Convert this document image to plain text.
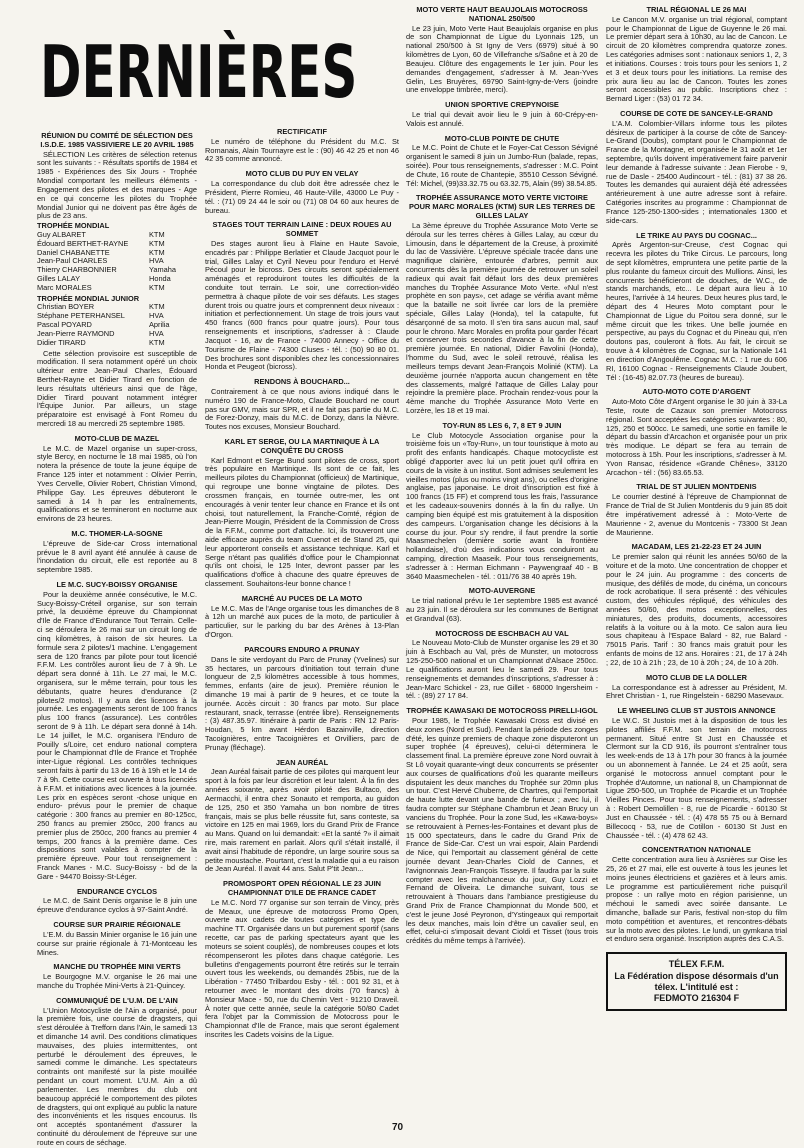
DERNIÈRES
RÉUNION DU COMITÉ DE SÉLECTION DES I.S.D.E. 1985 VASSIVIERE LE 20 AVRIL 1985
SÉLECTION Les critères de sélection retenus sont les suivants : - Résultats sportifs de 1984 et 1985 - Expériences des Six Jours - Trophée Mondial comportant les meilleurs éléments - Engagement des pilotes et des marques - Age en ce qui concerne les pilotes du Trophée Mondial Junior qui ne doivent pas être âgés de plus de 23 ans.
TROPHÉE MONDIAL
Guy ALBARET	KTM
Édouard BERTHET-RAYNE	KTM
Daniel CHABANETTE	KTM
Jean-Paul CHARLES	HVA
Thierry CHARBONNIER	Yamaha
Gilles LALAY	Honda
Marc MORALES	KTM
TROPHÉE MONDIAL JUNIOR
Christian BOYER	KTM
Stéphane PETERHANSEL	HVA
Pascal POYARD	Aprilia
Jean-Pierre RAYMOND	HVA
Didier TIRARD	KTM
Cette sélection provisoire est susceptible de modification. Il sera notamment opéré un choix ultérieur entre Jean-Paul Charles, Édouard Berthet-Rayne et Didier Tirard en fonction de leurs résultats ultérieurs ainsi que de l'âge, Didier Tirard pouvant notamment intégrer l'Équipe Junior. Par ailleurs, un stage préparatoire est envisagé à Font Romeu du mercredi 18 au mercredi 25 septembre 1985.
MOTO-CLUB DE MAZEL
Le M.C. de Mazel organise un super-cross, style Bercy, en nocturne le 18 mai 1985, où l'on notera la présence de toute la jeune équipe de France 125 inter et notamment : Olivier Perrin, Yves Cervelle, Olivier Robert, Christian Vimond, Philippe Gay. Les épreuves débuteront le samedi à 14 h par les entraînements, qualifications et se termineront en nocturne aux environs de 23 heures.
M.C. THOMER-LA-SOGNE
L'épreuve de Side-car Cross international prévue le 8 avril ayant été annulée à cause de l'inondation du circuit, elle est reportée au 8 septembre 1985.
LE M.C. SUCY-BOISSY ORGANISE
Pour la deuxième année consécutive, le M.C. Sucy-Boissy-Créteil organise, sur son terrain privé, la deuxième épreuve du Championnat d'Ile de France d'Endurance Tout Terrain. Celle-ci se déroulera le 26 mai sur un circuit long de cinq kilomètres, à raison de six heures. La formule sera 2 pilotes/1 machine. L'engagement sera de 120 francs par pilote pour tout licencié F.F.M. Les contrôles auront lieu de 7 à 9h. Le départ sera donné à 11h. Le 27 mai, le M.C. organisera, sur le même terrain, pour tous les débutants, quatre heures d'endurance (2 pilotes/2 motos). Il y aura des licences à la journée. Les engagements seront de 100 francs plus 100 francs (assurance). Les contrôles seront de 9 à 11h. Le départ sera donné à 14h. Le 14 juillet, le M.C. organisera l'Enduro de Pouilly s/Loire, cet enduro national comptera pour le Championnat d'Ile de France et Trophée inter-Ligue régional. Les contrôles techniques seront faits à partir du 13 de 16 à 19h et le 14 de 7 à 9h. Cette course est ouverte à tous licenciés à F.F.M. et initiations avec licences à la journée. Les prix en espèces seront -chose unique en enduro- prévus pour le premier de chaque catégorie : 300 francs au premier en 80-125cc, 250 francs au premier 250cc, 200 francs au premier plus de 250cc, 200 francs au premier 4 temps, 200 francs à la première dame. Ces dispositions sont valables à compter de la première épreuve. Pour tout renseignement : Franck Manes - M.C. Sucy-Boissy - bd de la Gare - 94470 Boissy-St-Léger.
ENDURANCE CYCLOS
Le M.C. de Saint Denis organise le 8 juin une épreuve d'endurance cyclos à 97-Saint André.
COURSE SUR PRAIRIE RÉGIONALE
L'E.M. du Bassin Minier organise le 16 juin une course sur prairie régionale à 71-Montceau les Mines.
MANCHE DU TROPHÉE MINI VERTS
Le Bourgogne M.V. organise le 26 mai une manche du Trophée Mini-Verts à 21-Quincey.
COMMUNIQUÉ DE L'U.M. DE L'AIN
L'Union Motocycliste de l'Ain a organisé, pour la première fois, une course de dragsters, qui s'est déroulée à Trefforn dans l'Ain, le samedi 13 et dimanche 14 avril. Des conditions climatiques mauvaises, des pluies intermittentes, ont perturbé le déroulement des épreuves, le samedi comme le dimanche. Les spectateurs contraints ont manifesté sur la piste mouillée pendant un court moment. L'U.M. Ain a dû parlementer. Les membres du club ont beaucoup apprécié le comportement des pilotes de dragsters, qui ont expliqué au public la nature des inconvénients et les risques encourus. Ils ont acceptés spontanément d'assurer la continuité du déroulement de l'épreuve sur une route en cours de séchage.
RECTIFICATIF
Le numéro de téléphone du Président du M.C. St Romanais, Alain Tournayre est le : (90) 46 42 25 et non 46 42 35 comme annoncé.
MOTO CLUB DU PUY EN VELAY
La correspondance du club doit être adressée chez le Président, Pierre Romieu, 46 Haute-Ville, 43000 Le Puy - tél. : (71) 09 24 44 le soir ou (71) 08 04 60 aux heures de bureau.
STAGES TOUT TERRAIN LAINE : DEUX ROUES AU SOMMET
Des stages auront lieu à Flaine en Haute Savoie, encadrés par : Philippe Berlatier et Claude Jacquot pour le trial, Gilles Lalay et Cyril Neveu pour l'enduro et Hervé Pécoul pour le bicross. Des circuits seront spécialement aménagés et reproduiront toutes les difficultés de la conduite tout terrain. Le soir, une correction-vidéo permettra à chaque pilote de voir ses défauts. Les stages durent trois ou quatre jours et comprennent deux niveaux : initiation et perfectionnement. Un stage de trois jours vaut 450 francs (600 francs pour quatre jours). Pour tous renseignements et inscriptions, s'adresser à : Claude Jacquot - 16, av de France - 74000 Annecy - Office du Tourisme de Flaine - 74300 Cluses - tél. : (50) 90 80 01. Des brochures sont disponibles chez les concessionnaires Honda et Peugeot (bicross).
RENDONS À BOUCHARD...
Contrairement à ce que nous avions indiqué dans le numéro 190 de France-Moto, Claude Bouchard ne court pas sur GMV, mais sur SPR, et il ne fait pas partie du M.C. de Forez-Donzy, mais du M.C. de Donzy, dans la Nièvre. Toutes nos excuses, Monsieur Bouchard.
KARL ET SERGE, OU LA MARTINIQUE À LA CONQUÊTE DU CROSS
Karl Edmont et Serge Bund sont pilotes de cross, sport très populaire en Martinique. Ils sont de ce fait, les meilleurs pilotes du Championnat (officieux) de Martinique, qui regroupe une bonne vingtaine de pilotes. Des crossmen français, en tournée outre-mer, les ont encouragés à venir tenter leur chance en France et ils ont choisi, tout naturellement, la Franche-Comté, région de Jean-Pierre Mougin, Président de la Commission de Cross de la F.F.M., comme port d'attache. Ici, ils trouveront une aide efficace auprès du team Cuenot et de Stand 25, qui leur apporteront conseils et assistance technique. Karl et Serge n'étant pas qualifiés d'office pour le Championnat qu'ils ont choisi, le 125 Inter, devront passer par les qualifications d'office à chacune des quatre épreuves de classement. Souhaitons-leur bonne chance !
MARCHÉ AU PUCES DE LA MOTO
Le M.C. Mas de l'Ange organise tous les dimanches de 8 à 12h un marché aux puces de la moto, de particulier à particulier, sur le parking du bar des Arènes à 13-Plan d'Orgon.
PARCOURS ENDURO A PRUNAY
Dans le site verdoyant du Parc de Prunay (Yvelines) sur 35 hectares, un parcours d'initiation tout terrain d'une longueur de 2,5 kilomètres accessible à tous hommes, femmes, enfants (aire de jeux). Première réunion le dimanche 19 mai à partir de 9 heures, et ce toute la journée. Accès circuit : 30 francs par moto. Sur place restaurant, snack, terrasse (entrée libre). Renseignements : (3) 487.35.97. Itinéraire à partir de Paris : RN 12 Paris-Houdan, 5 km avant Hérdon Bazainville, direction Tacoignières, entre Tacoignières et Orvilliers, parc de Prunay (fléchage).
JEAN AURÉAL
Jean Auréal faisait partie de ces pilotes qui marquent leur sport à la fois par leur discrétion et leur talent. À la fin des années soixante, après avoir piloté des Bultaco, des Aermacchi, il entra chez Sonauto et remporta, au guidon de 125, 250 et 350 Yamaha un bon nombre de titres français, mais se plus belle réussite fut, sans conteste, sa victoire en 125 en mai 1969, lors du Grand Prix de France au Mans. Quand on lui demandait: «Et la santé ?» il aimait rire, mais rarement en parlait. Alors qu'il s'était installé, il avait ainsi l'habitude de répondre, un large sourire sous sa petite moustache. Pourtant, c'est la maladie qui a eu raison de Jean Auréal. Il avait 44 ans. Salut P'tit Jean...
PROMOSPORT OPEN RÉGIONAL LE 23 JUIN CHAMPIONNAT D'ILE DE FRANCE CADET
Le M.C. Nord 77 organise sur son terrain de Vincy, près de Meaux, une épreuve de motocross Promo Open, ouverte aux cadets de toutes catégories et type de machine TT. Organisée dans un but purement sportif (sans recette, car pas de parking spectateurs ayant que les moteurs se soient couplés), de nombreuses coupes et lots récompenseront les pilotes dans chaque catégorie. Les bulletins d'engagements pourront être retirés sur le terrain ouvert tous les weekends, ou demandés 25bis, rue de la Libération - 77450 Trilbardou Esby - tél. : 001 92 31, et à retourner avec le montant des droits (70 francs) à Monsieur Mace - 50, rue du Chemin Vert - 91210 Draveil. À noter que cette année, seule la catégorie 50/80 Cadet fera l'objet par la Commission de Motocross pour le Championnat d'Ile de France, mais que seront également inscrites les Cadets voisins de la Ligue.
MOTO VERTE HAUT BEAUJOLAIS MOTOCROSS NATIONAL 250/500
Le 23 juin, Moto Verte Haut Beaujolais organise en plus de son Championnat de Ligue du Lyonnais 125, un national 250/500 à St Igny de Vers (6979) situé à 90 kilomètres de Lyon, 60 de Villefranche s/Saône et à 20 de Beaujeu. Clôture des engagements le 1er juin. Pour les demandes d'engagement, s'adresser à M. Jean-Yves Gelin, Les Bruyères, 69790 Saint-Igny-de-Vers (joindre une enveloppe timbrée, merci).
UNION SPORTIVE CREPYNOISE
Le trial qui devait avoir lieu le 9 juin à 60-Crépy-en-Valois est annulé.
MOTO-CLUB POINTE DE CHUTE
Le M.C. Point de Chute et le Foyer-Cat Cesson Sévigné organisent le samedi 8 juin un Jumbo-Run (balade, repas, soirée). Pour tous renseignements, s'adresser : M.C. Point de Chute, 16 route de Chantepie, 35510 Cesson Sévigné. Tél: Michel, (99)33.32.75 ou 63.32.75, Alain (99) 38.54.85.
TROPHÉE ASSURANCE MOTO VERTE VICTOIRE POUR MARC MORALES (KTM) SUR LES TERRES DE GILLES LALAY
La 3ème épreuve du Trophée Assurance Moto Verte se déroula sur les terres chères à Gilles Lalay, au cœur du Limousin, dans le département de la Creuse, à proximité du lac de Vassivière. L'épreuve spéciale tracée dans une magnifique clairière, entourée d'arbres, permit aux concurrents dès la première journée de retrouver un soleil radieux qui avait fait défaut lors des deux premières manches du Trophée Assurance Moto Verte. «Nul n'est prophète en son pays», cet adage se vérifia avant même que la bataille ne soit livrée car lors de la première spéciale, Gilles Lalay (Honda), tel la catapulte, fut désarçonné de sa moto. Il s'en tira sans aucun mal, sauf pour le chrono. Marc Morales en profita pour garder l'écart et conserver trois secondes d'avance à la fin de cette première journée. En national, Didier Favolini (Honda), l'homme du Sud, avec le soleil retrouvé, réalisa les meilleurs temps devant Jean-François Molinié (KTM). La deuxième journée n'apporta aucun changement en tête des classements, malgré l'attaque de Gilles Lalay pour rejoindre la première place. Prochain rendez-vous pour la 4ème manche du Trophée Assurance Moto Verte en Lorzère, les 18 et 19 mai.
TOY-RUN 85 LES 6, 7, 8 ET 9 JUIN
Le Club Motocycle Association organise pour la troisième fois un «Toy-Run», un tour touristique à moto au profit des enfants handicapés. Chaque motocycliste est obligé d'apporter avec lui un petit jouet qu'il offrira en cours de la visite à un institut. Sont admises seulement les vieilles motos (plus ou moins vingt ans), ou celles d'origine anglaise, pas japonaise. Le droit d'inscription est fixé à 100 francs (15 FF) et comprend tous les frais, l'assurance et les cadeaux-souvenirs donnés à la fin du rallye. Un camping bien équipé est mis gratuitement à la disposition des campeurs. L'organisation change les décisions à la course du jour. Pour s'y rendre, il faut prendre la sortie Maasmechelen (dernière sortie avant la frontière hollandaise), d'où des indications vous conduiront au camping, direction Maaseik. Pour tous renseignements, s'adresser à : Herman Eichmann - Paywengraaf 40 - B 3640 Maasmechelen - tél. : 011/76 38 40 après 19h.
MOTO-AUVERGNE
Le trial national prévu le 1er septembre 1985 est avancé au 23 juin. Il se déroulera sur les communes de Bertignat et Grandval (63).
MOTOCROSS DE ESCHBACH AU VAL
Le Nouveau Moto-Club de Munster organise les 29 et 30 juin à Eschbach au Val, près de Munster, un motocross 125-250-500 national et un Championnat d'Alsace 250cc. Le qualifications auront lieu le samedi 29. Pour tous renseignements et demandes d'inscriptions, s'adresser à : Jean-Marc Schickel - 23, rue Gillet - 68000 Ingersheim - tél. : (89) 27 17 84.
TROPHÉE KAWASAKI DE MOTOCROSS PIRELLI-IGOL
Pour 1985, le Trophée Kawasaki Cross est divisé en deux zones (Nord et Sud). Pendant la période des zonges d'été, les quinze premiers de chaque zone disputeront un super trophée (4 épreuves), celui-ci déterminera le classement final. La première épreuve zone Nord ouvrait à St Lô voyait quarante-vingt deux concurrents se présenter aux courses de qualifications d'où les quarante meilleurs disputaient les deux manches du Trophée sur 20mn plus un tour. C'est Hervé Chuberre, de Chartres, qui l'emportait de haute lutte devant une bande de furieux ; avec lui, il faudra compter sur Stéphane Chambrun et Jean Brucy un vanciens du Trophée. Pour la zone Sud, les «Kawa-boys» se retrouvaient à Pernes-les-Fontaines et devant plus de 15 000 spectateurs, dans le cadre du Grand Prix de France de Side-Car. C'est un vrai espoir, Alain Pardendi de Nice, qui l'emportait au classement général de cette journée devant Jean-Charles Ciold de Cannes, et l'avignonnais Jean-François Tisseyre. Il faudra par la suite compter avec les malchanceux du jour, Guy Lozzi et Fernand de Oliveira. Le dimanche suivant, tous se retrouvaient à Thouars dans l'ambiance prestigieuse du Grand Prix de France Championnat du Monde 500, et c'est le jeune José Peyronon, d'Ystingeaux qui remportait les deux manches, mais loin d'être un cavalier seul, en effet, celui-ci s'imposait devant Cioldi et Tisset (tous trois crédités du même temps à l'arrivée).
TRIAL RÉGIONAL LE 26 MAI
Le Cancon M.V. organise un trial régional, comptant pour le Championnat de Ligue de Guyenne le 26 mai. Le premier départ sera à 10h30, au lac de Cancon. Le circuit de 20 kilomètres comprendra quatorze zones. Les catégories admises sont : nationaux seniors 1, 2, 3 et initiations. Courses : trois tours pour les seniors 1, 2 et 3 et deux tours pour les initiations. La remise des prix aura lieu au lac de Cancon. Toutes les zones seront accessibles au public. Inscriptions chez : Bernard Liger : (53) 01 72 34.
COURSE DE COTE DE SANCEY-LE-GRAND
L'A.M. Colombier-Villars informe tous les pilotes désireux de participer à la course de côte de Sancey-Le-Grand (Doubs), comptant pour le Championnat de France de la Montagne, et organisée le 31 août et 1er septembre, qu'ils doivent impérativement faire parvenir leur demande à l'adresse suivante : Jean Fierobe - 9, rue de Dasle - 25400 Audincourt - tél. : (81) 37 38 26. Toutes les demandes qui auraient déjà été adressées antérieurement à une autre adresse sont à refaire. Catégories inscrites au programme : Championnat de France 125-250-1300-sides ; internationales 1300 et side-cars.
LE TRIKE AU PAYS DU COGNAC...
Après Argenton-sur-Creuse, c'est Cognac qui recevra les pilotes du Trike Circus. Le parcours, long de sept kilomètres, empruntera une petite partie de la plus roulante du fameux circuit des Mullions. Ainsi, les concurrents bénéficieront de douches, de W.C., de stands marchands, etc... Le départ aura lieu à 10 heures, l'arrivée à 14 heures. Deux heures plus tard, le départ des 4 Heures Moto comptant pour le Championnat de Ligue du Poitou sera donné, sur le même circuit que les trikes. Une belle journée en perspective, au pays du Cognac et du Pineau qui, n'en doutons pas, couleront à flots. Au fait, le circuit se trouve à 4 kilomètres de Cognac, sur la Nationale 141 en direction d'Angoulême. Cognac M.C. : 1 rue du 606 RI, 16100 Cognac - Renseignements Claude Joubert, Tél : (16-45) 82.07.73 (heures de bureau).
AUTO-MOTO COTE D'ARGENT
Auto-Moto Côte d'Argent organise le 30 juin à 33-La Teste, route de Cazaux son premier Motocross régional. Sont acceptées les catégories suivantes : 80, 125, 250 et 500cc. Le samedi, une sortie en famille le départ du bassin d'Arcachon et organisée pour un prix très modique. Le départ se fera au terrain de motocross à 15h. Pour les inscriptions, s'adresser à M. Yvon Ransac, résidence «Grande Chênes», 33120 Arcachon - tél : (56) 83.65.53.
TRIAL DE ST JULIEN MONTDENIS
Le courrier destiné à l'épreuve de Championnat de France de Trial de St Julien Montdenis du 9 juin 85 doit être impérativement adressé à : Moto-Verte de Maurienne - 2, avenue du Montcenis - 73300 St Jean de Maurienne.
MACADAM, LES 21-22-23 ET 24 JUIN
Le premier salon qui réunit les années 50/60 de la voiture et de la moto. Une concentration de chopper et pour le 24 juin. Au programme : des concerts de musique, des défilés de mode, du cinéma, un concours de rock acrobatique. Il sera présenté : des véhicules custom, des véhicules répliqué, des véhicules des années 50/60, des motos exceptionnelles, des miniatures, des produits, documents, accessoires relatifs à la voiture ou à la moto. Ce salon aura lieu sous chapiteau à l'Espace Balard - 82, rue Balard - 75015 Paris. Tarif : 30 francs mais gratuit pour les enfants de moins de 12 ans. Horaires : 21, de 17 à 24h ; 22, de 10 à 21h ; 23, de 10 à 20h ; 24, de 10 à 20h.
MOTO CLUB DE LA DOLLER
La correspondance est à adresser au Président, M. Ehret Christian - 1, rue Ringelstein - 68290 Masevaux.
LE WHEELING CLUB ST JUSTOIS ANNONCE
Le W.C. St Justois met à la disposition de tous les pilotes affiliés F.F.M. son terrain de motocross permanent. Situé entre St Just en Chaussée et Clermont sur la CD 916, ils pourront s'entraîner tous les week-ends de 13 à 17h pour 30 francs à la journée ou un abonnement à l'année. Le 24 et 25 août, sera organisé le motocross annuel comptant pour le Trophée d'Automne, un national 8, un Championnat de Ligue 250-500, un Trophée de Picardie et un Trophée Vieilles Pinces. Pour tous renseignements, s'adresser à : Robert Demolillen - 8, rue de Picardie - 60130 St Just en Chaussée - tél. : (4) 478 55 75 ou à Bernard Billecocq - 53, rue de Cotillon - 60130 St Just en Chaussée - tél. : (4) 478 62 43.
CONCENTRATION NATIONALE
Cette concentration aura lieu à Asnières sur Oise les 25, 26 et 27 mai, elle est ouverte à tous les jeunes let moins jeunes électriciens et gazières et à leurs amis. Le programme est particulièrement riche puisqu'il propose : un rallye moto en région parisienne, un méchoui le samedi avec soirée dansante. Le dimanche, ballade sur Paris, festival non-stop du film moto compétition et aventures, et rencontres-débats sur la moto avec des pilotes. Le lundi, un gymkana trial et enduro sera organisé. Inscription auprès des C.A.S.
TÉLEX F.F.M.
La Fédération dispose désormais d'un télex. L'intitulé est :
FEDMOTO 216304 F
70
